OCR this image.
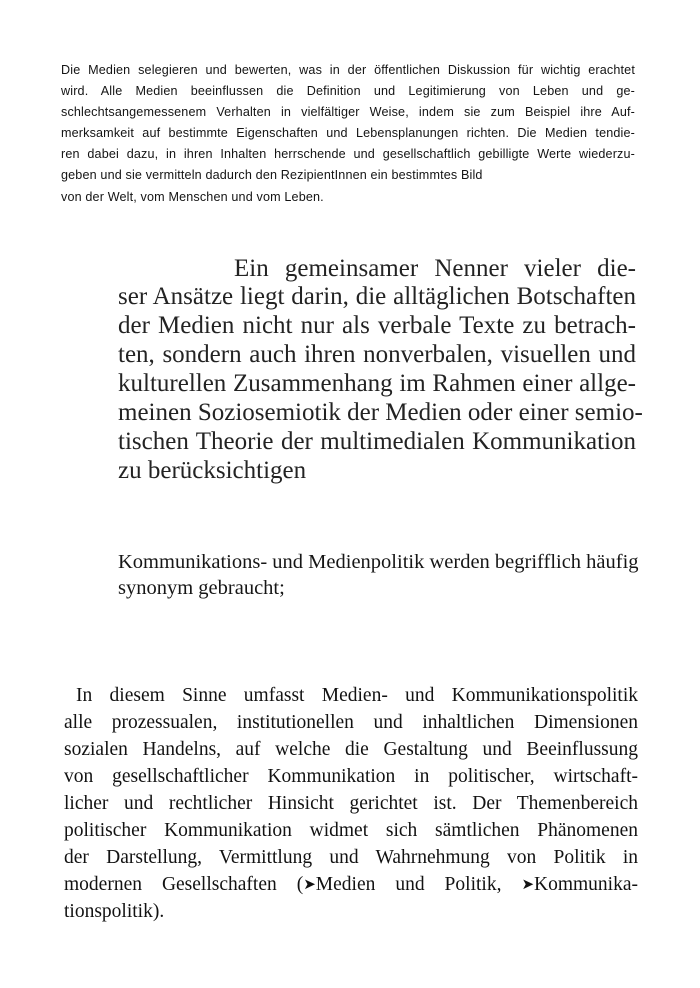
Die Medien selegieren und bewerten, was in der öffentlichen Diskussion für wichtig erachtet
wird. Alle Medien beeinflussen die Definition und Legitimierung von Leben und ge-
schlechtsangemessenem Verhalten in vielfältiger Weise, indem sie zum Beispiel ihre Auf-
merksamkeit auf bestimmte Eigenschaften und Lebensplanungen richten. Die Medien tendie-
ren dabei dazu, in ihren Inhalten herrschende und gesellschaftlich gebilligte Werte wiederzu-
geben und sie vermitteln dadurch den RezipientInnen ein bestimmtes Bild
von der Welt, vom Menschen und vom Leben.
Ein gemeinsamer Nenner vieler die-
ser Ansätze liegt darin, die alltäglichen Botschaften
der Medien nicht nur als verbale Texte zu betrach-
ten, sondern auch ihren nonverbalen, visuellen und
kulturellen Zusammenhang im Rahmen einer allge-
meinen Soziosemiotik der Medien oder einer semio-
tischen Theorie der multimedialen Kommunikation
zu berücksichtigen
Kommunikations- und Medienpolitik werden begrifflich häufig
synonym gebraucht;
In diesem Sinne umfasst Medien- und Kommunikationspolitik
alle prozessualen, institutionellen und inhaltlichen Dimensionen
sozialen Handelns, auf welche die Gestaltung und Beeinflussung
von gesellschaftlicher Kommunikation in politischer, wirtschaft-
licher und rechtlicher Hinsicht gerichtet ist. Der Themenbereich
politischer Kommunikation widmet sich sämtlichen Phänomenen
der Darstellung, Vermittlung und Wahrnehmung von Politik in
modernen Gesellschaften (➤Medien und Politik, ➤Kommunika-
tionspolitik).
